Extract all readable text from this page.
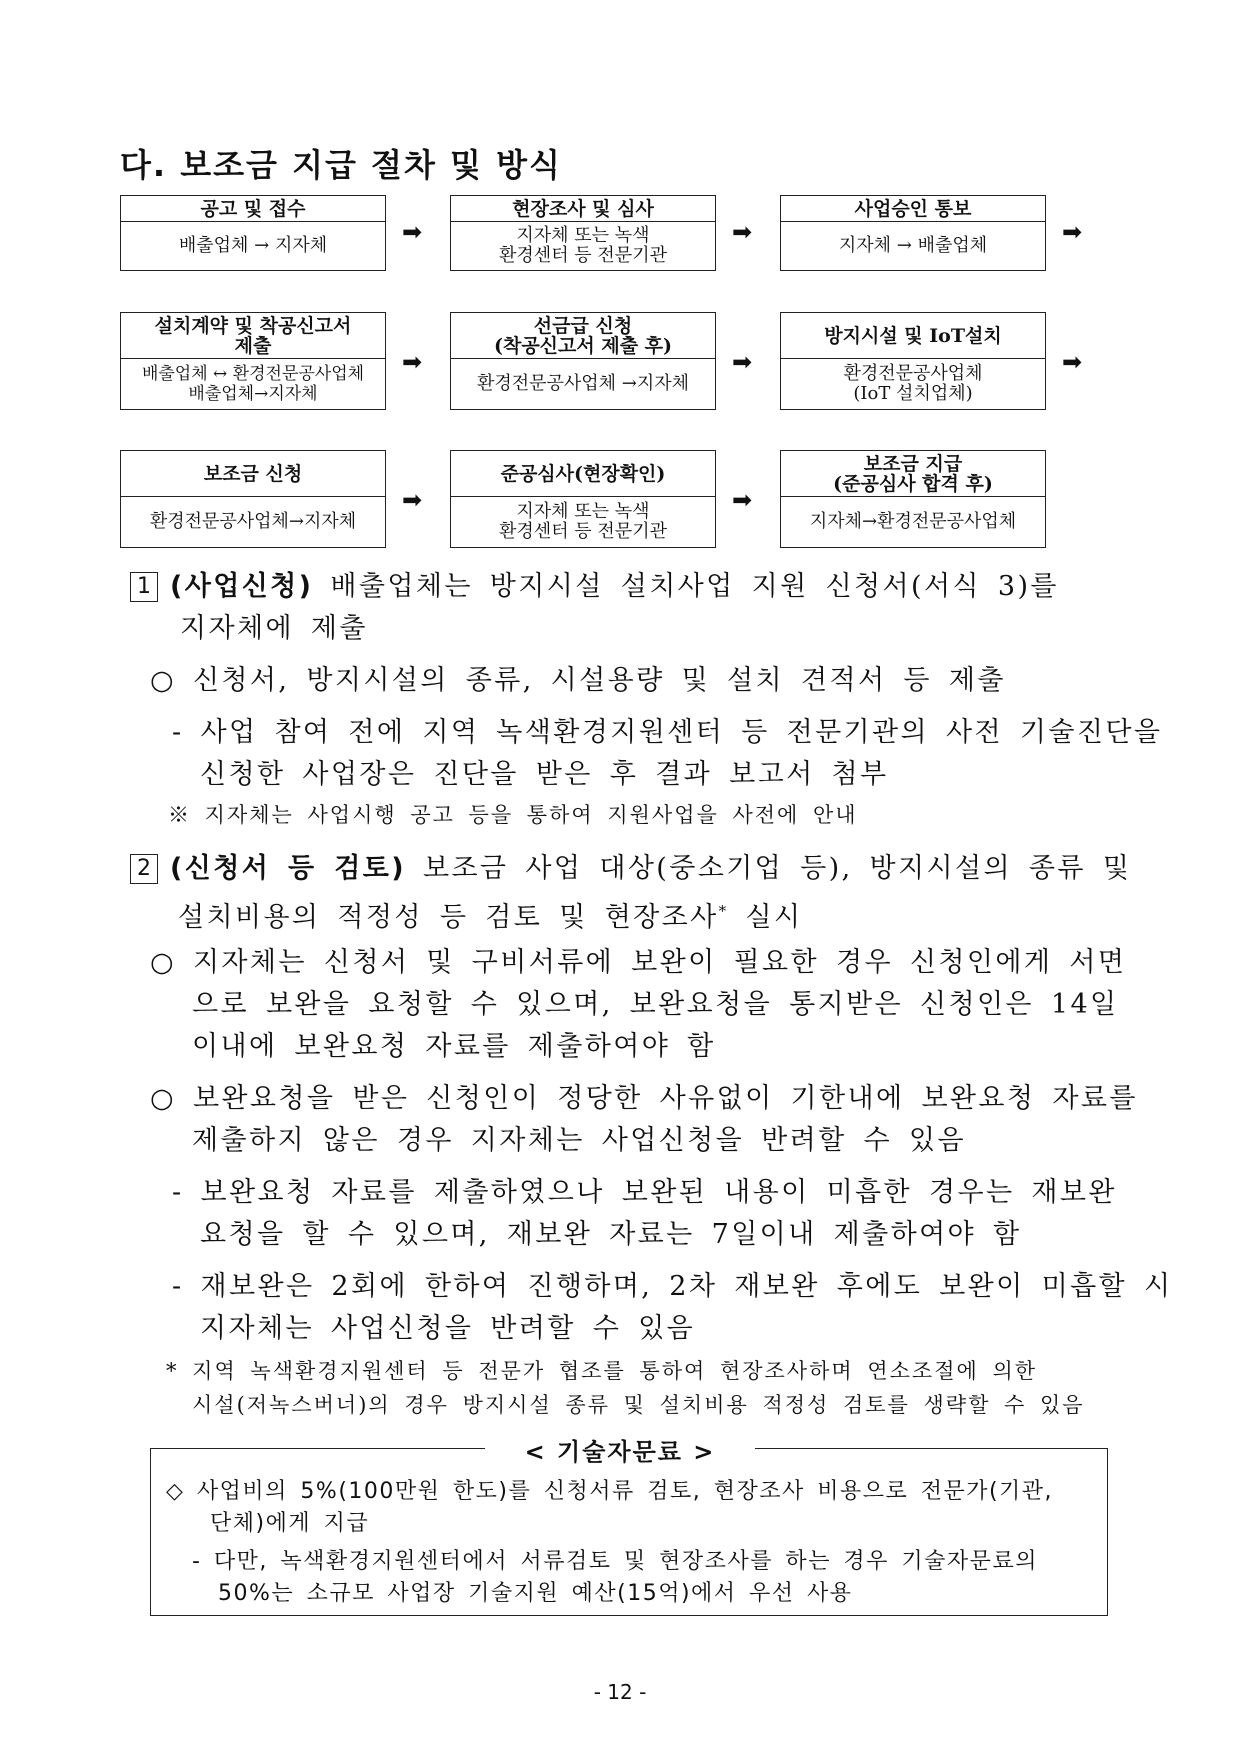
다. 보조금 지급 절차 및 방식
공고 및 접수
배출업체 → 지자체	➡
현장조사 및 심사
지자체 또는 녹색
환경센터 등 전문기관
➡
사업승인 통보
지자체 → 배출업체	➡
설치계약 및 착공신고서
제출
배출업체 ↔ 환경전문공사업체
배출업체→지자체
➡
선금급 신청
(착공신고서 제출 후)
환경전문공사업체 →지자체
➡
방지시설 및 IoT설치
환경전문공사업체
(IoT 설치업체)
➡
보조금 신청
환경전문공사업체→지자체
➡
준공심사(현장확인)
지자체 또는 녹색
환경센터 등 전문기관
➡
보조금 지급
(준공심사 합격 후)
지자체→환경전문공사업체
1 (사업신청) 배출업체는 방지시설 설치사업 지원 신청서(서식 3)를
지자체에 제출
○ 신청서, 방지시설의 종류, 시설용량 및 설치 견적서 등 제출
- 사업 참여 전에 지역 녹색환경지원센터 등 전문기관의 사전 기술진단을
신청한 사업장은 진단을 받은 후 결과 보고서 첨부
※ 지자체는 사업시행 공고 등을 통하여 지원사업을 사전에 안내
2 (신청서 등 검토) 보조금 사업 대상(중소기업 등), 방지시설의 종류 및
설치비용의 적정성 등 검토 및 현장조사* 실시
○ 지자체는 신청서 및 구비서류에 보완이 필요한 경우 신청인에게 서면
으로 보완을 요청할 수 있으며, 보완요청을 통지받은 신청인은 14일
이내에 보완요청 자료를 제출하여야 함
○ 보완요청을 받은 신청인이 정당한 사유없이 기한내에 보완요청 자료를
제출하지 않은 경우 지자체는 사업신청을 반려할 수 있음
- 보완요청 자료를 제출하였으나 보완된 내용이 미흡한 경우는 재보완
요청을 할 수 있으며, 재보완 자료는 7일이내 제출하여야 함
- 재보완은 2회에 한하여 진행하며, 2차 재보완 후에도 보완이 미흡할 시
지자체는 사업신청을 반려할 수 있음
* 지역 녹색환경지원센터 등 전문가 협조를 통하여 현장조사하며 연소조절에 의한
시설(저녹스버너)의 경우 방지시설 종류 및 설치비용 적정성 검토를 생략할 수 있음
< 기술자문료 >
◇ 사업비의 5%(100만원 한도)를 신청서류 검토, 현장조사 비용으로 전문가(기관,
단체)에게 지급
- 다만, 녹색환경지원센터에서 서류검토 및 현장조사를 하는 경우 기술자문료의
50%는 소규모 사업장 기술지원 예산(15억)에서 우선 사용
- 12 -
